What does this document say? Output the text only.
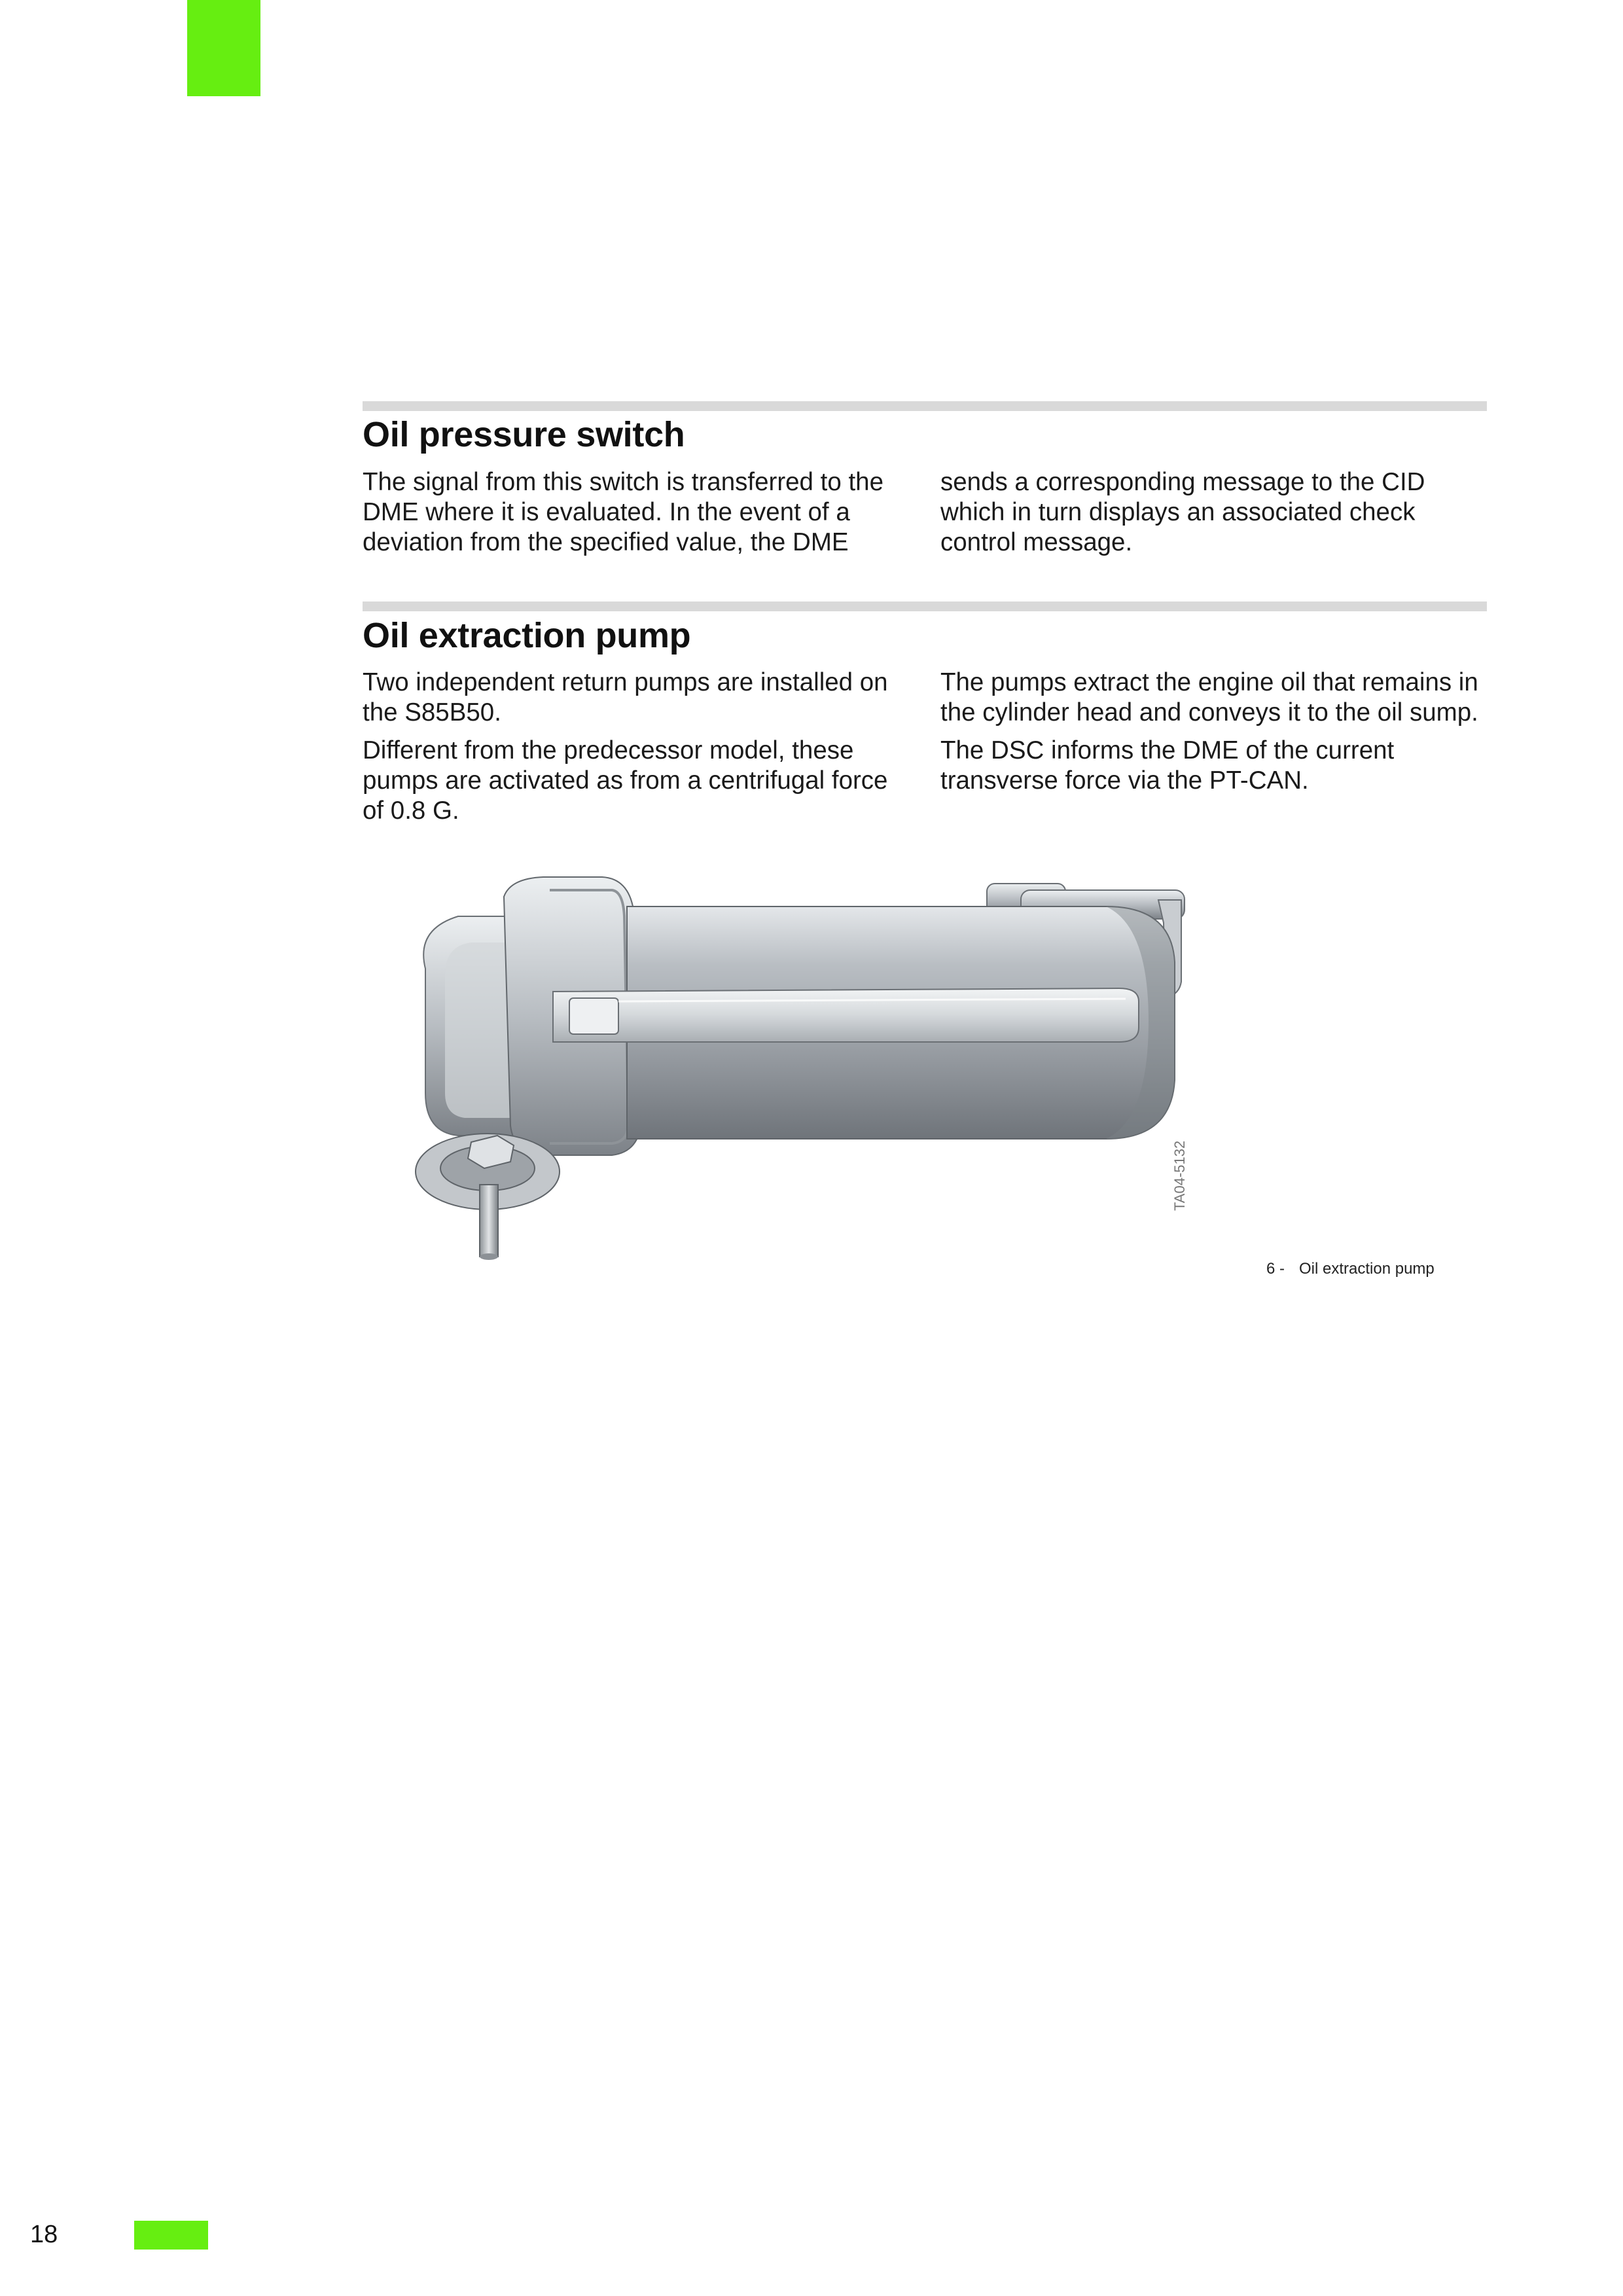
Oil pressure switch

The signal from this switch is transferred to the DME where it is evaluated. In the event of a deviation from the specified value, the DME

sends a corresponding message to the CID which in turn displays an associated check control message.

Oil extraction pump

Two independent return pumps are installed on the S85B50.

Different from the predecessor model, these pumps are activated as from a centrifugal force of 0.8 G.

The pumps extract the engine oil that remains in the cylinder head and conveys it to the oil sump.

The DSC informs the DME of the current transverse force via the PT-CAN.

TA04-5132
6 - Oil extraction pump
18
